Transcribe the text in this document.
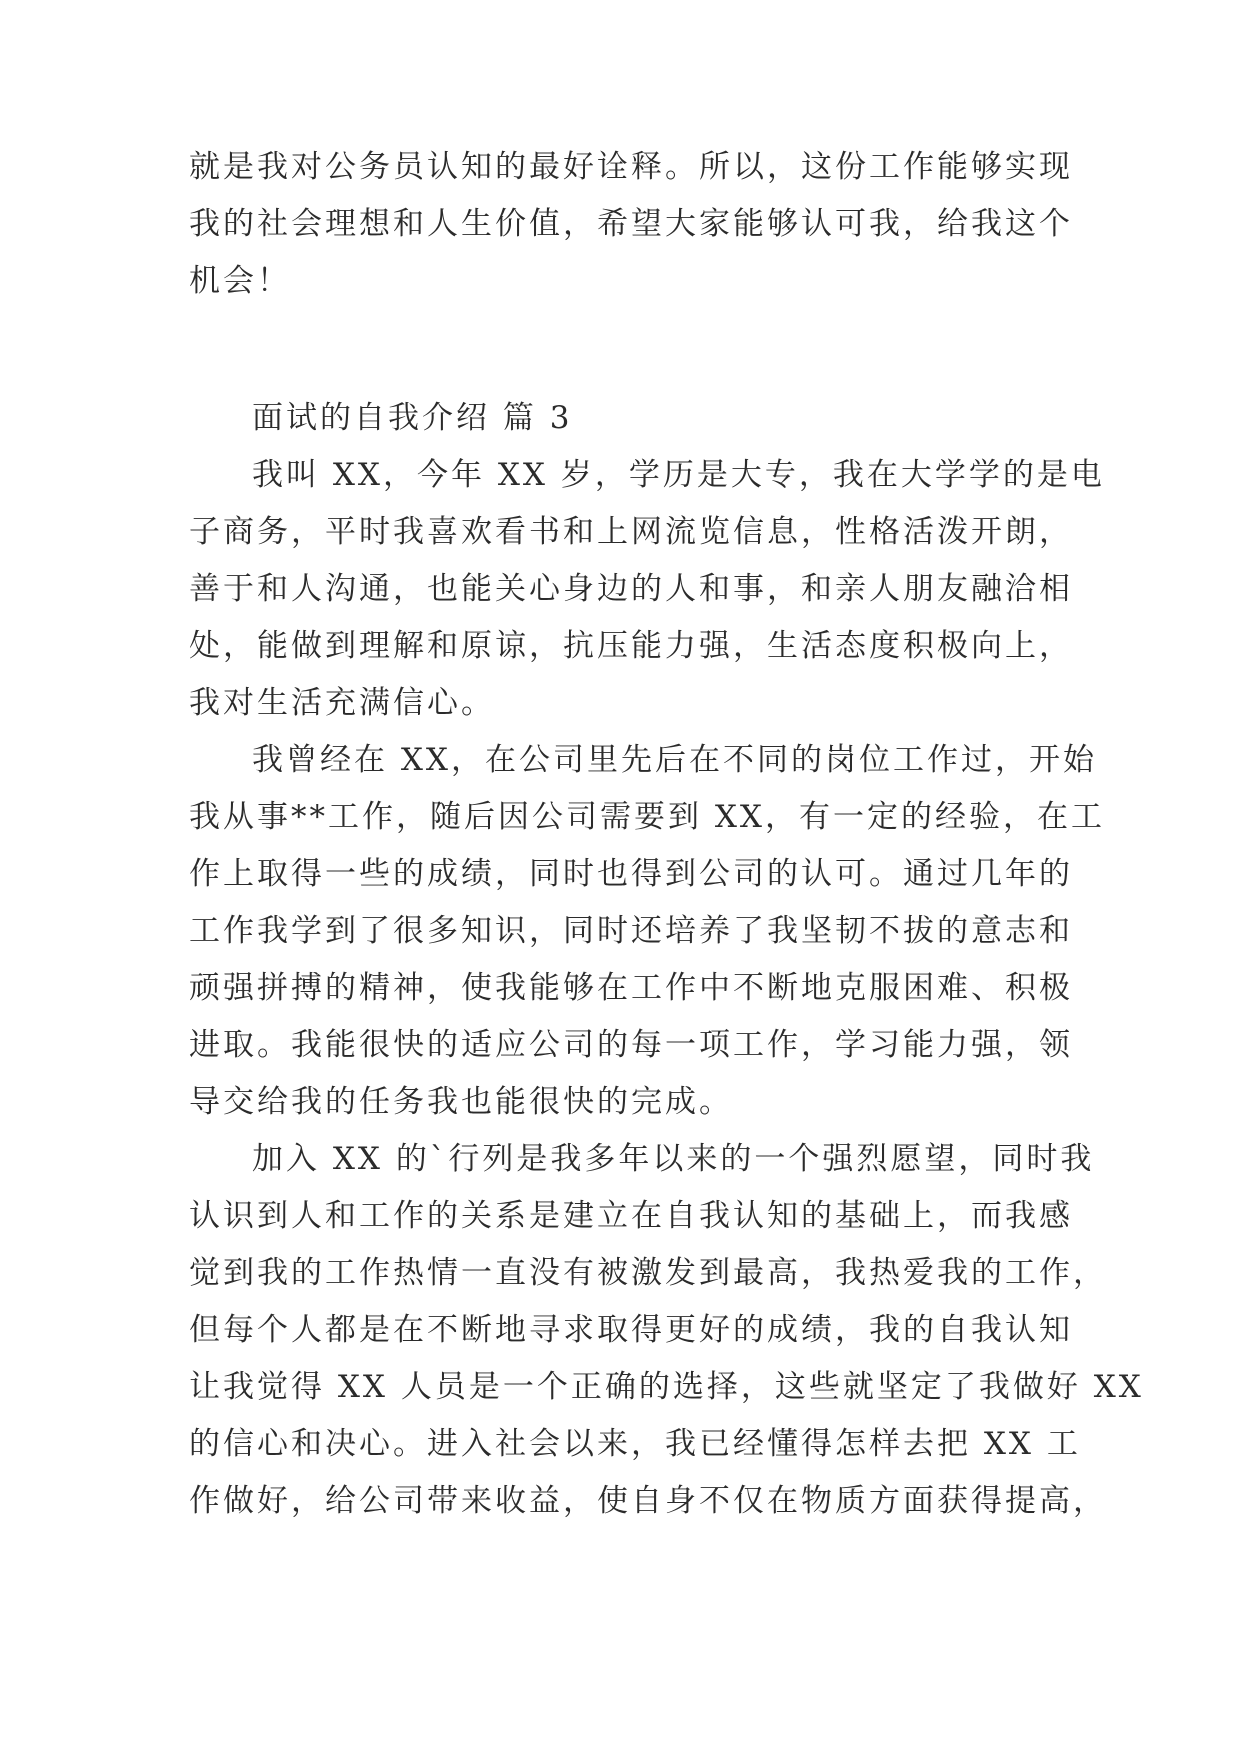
就是我对公务员认知的最好诠释。所以，这份工作能够实现
我的社会理想和人生价值，希望大家能够认可我，给我这个
机会！
面试的自我介绍 篇 3
我叫 XX，今年 XX 岁，学历是大专，我在大学学的是电
子商务，平时我喜欢看书和上网流览信息，性格活泼开朗，
善于和人沟通，也能关心身边的人和事，和亲人朋友融洽相
处，能做到理解和原谅，抗压能力强，生活态度积极向上，
我对生活充满信心。
我曾经在 XX，在公司里先后在不同的岗位工作过，开始
我从事**工作，随后因公司需要到 XX，有一定的经验，在工
作上取得一些的成绩，同时也得到公司的认可。通过几年的
工作我学到了很多知识，同时还培养了我坚韧不拔的意志和
顽强拼搏的精神，使我能够在工作中不断地克服困难、积极
进取。我能很快的适应公司的每一项工作，学习能力强，领
导交给我的任务我也能很快的完成。
加入 XX 的`行列是我多年以来的一个强烈愿望，同时我
认识到人和工作的关系是建立在自我认知的基础上，而我感
觉到我的工作热情一直没有被激发到最高，我热爱我的工作，
但每个人都是在不断地寻求取得更好的成绩，我的自我认知
让我觉得 XX 人员是一个正确的选择，这些就坚定了我做好 XX
的信心和决心。进入社会以来，我已经懂得怎样去把 XX 工
作做好，给公司带来收益，使自身不仅在物质方面获得提高，
